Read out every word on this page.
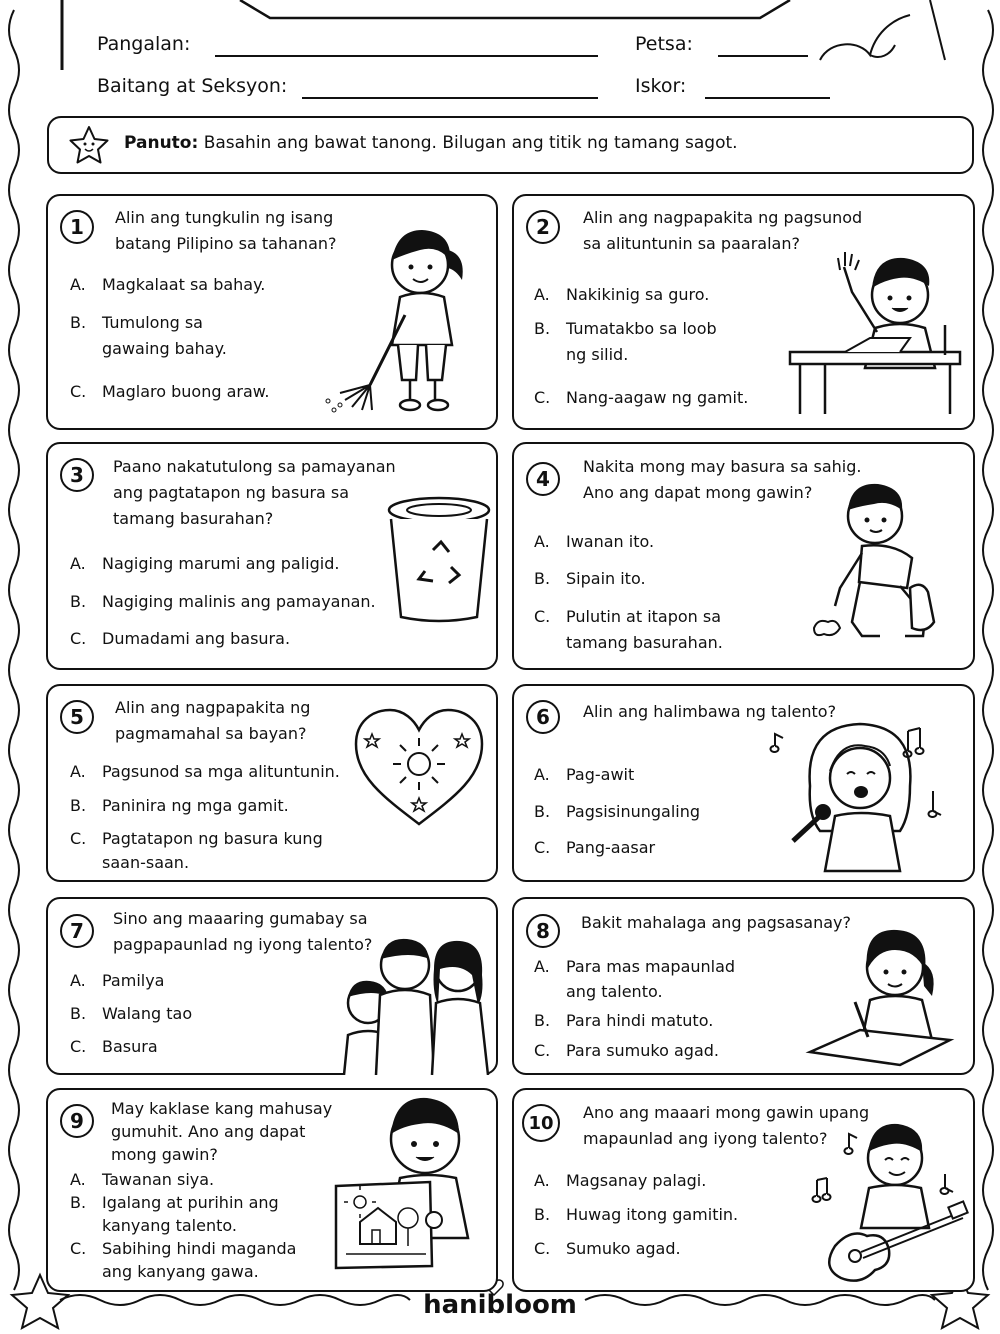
Pangalan:	Petsa:
Baitang at Seksyon:	Iskor:
Panuto: Basahin ang bawat tanong. Bilugan ang titik ng tamang sagot.
1	Alin ang tungkulin ng isang
batang Pilipino sa tahanan?
A. Magkalaat sa bahay.
B. Tumulong sa
gawaing bahay.
C. Maglaro buong araw.
2	Alin ang nagpapakita ng pagsunod
sa alituntunin sa paaralan?
A. Nakikinig sa guro.
B. Tumatakbo sa loob
ng silid.
C. Nang-aagaw ng gamit.
3	Paano nakatutulong sa pamayanan
ang pagtatapon ng basura sa
tamang basurahan?
A. Nagiging marumi ang paligid.
B. Nagiging malinis ang pamayanan.
C. Dumadami ang basura.
4
Nakita mong may basura sa sahig.
Ano ang dapat mong gawin?
A. Iwanan ito.
B. Sipain ito.
C. Pulutin at itapon sa
tamang basurahan.
5	Alin ang nagpapakita ng
pagmamahal sa bayan?
A. Pagsunod sa mga alituntunin.
B. Paninira ng mga gamit.
C. Pagtatapon ng basura kung
saan-saan.
6	Alin ang halimbawa ng talento?
A. Pag-awit
B. Pagsisinungaling
C. Pang-aasar
7
Sino ang maaaring gumabay sa
pagpapaunlad ng iyong talento?
A. Pamilya
B. Walang tao
C. Basura
8	Bakit mahalaga ang pagsasanay?
A. Para mas mapaunlad
ang talento.
B. Para hindi matuto.
C. Para sumuko agad.
9
May kaklase kang mahusay
gumuhit. Ano ang dapat
mong gawin?
A. Tawanan siya.
B. Igalang at purihin ang
kanyang talento.
C. Sabihing hindi maganda
ang kanyang gawa.
10	Ano ang maaari mong gawin upang
mapaunlad ang iyong talento?
A. Magsanay palagi.
B. Huwag itong gamitin.
C. Sumuko agad.
hanibloom
